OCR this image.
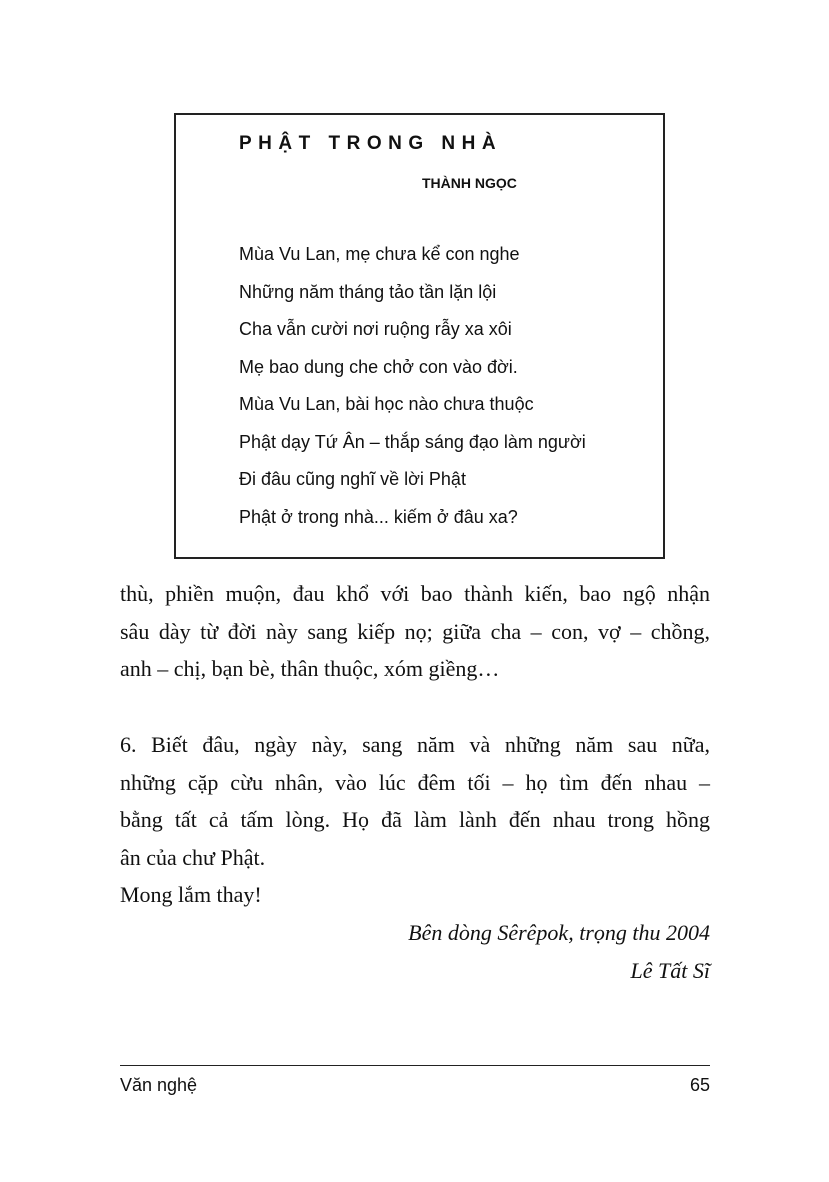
PHẬT TRONG NHÀ
THÀNH NGỌC
Mùa Vu Lan, mẹ chưa kể con nghe
Những năm tháng tảo tần lặn lội
Cha vẫn cười nơi ruộng rẫy xa xôi
Mẹ bao dung che chở con vào đời.
Mùa Vu Lan, bài học nào chưa thuộc
Phật dạy Tứ Ân – thắp sáng đạo làm người
Đi đâu cũng nghĩ về lời Phật
Phật ở trong nhà... kiếm ở đâu xa?

thù, phiền muộn, đau khổ với bao thành kiến, bao ngộ nhận

sâu dày từ đời này sang kiếp nọ; giữa cha – con, vợ – chồng,

anh – chị, bạn bè, thân thuộc, xóm giềng…

6. Biết đâu, ngày này, sang năm và những năm sau nữa,

những cặp cừu nhân, vào lúc đêm tối – họ tìm đến nhau –

bằng tất cả tấm lòng. Họ đã làm lành đến nhau trong hồng

ân của chư Phật.

Mong lắm thay!
Bên dòng Sêrêpok, trọng thu 2004
Lê Tất Sĩ
Văn nghệ	65
